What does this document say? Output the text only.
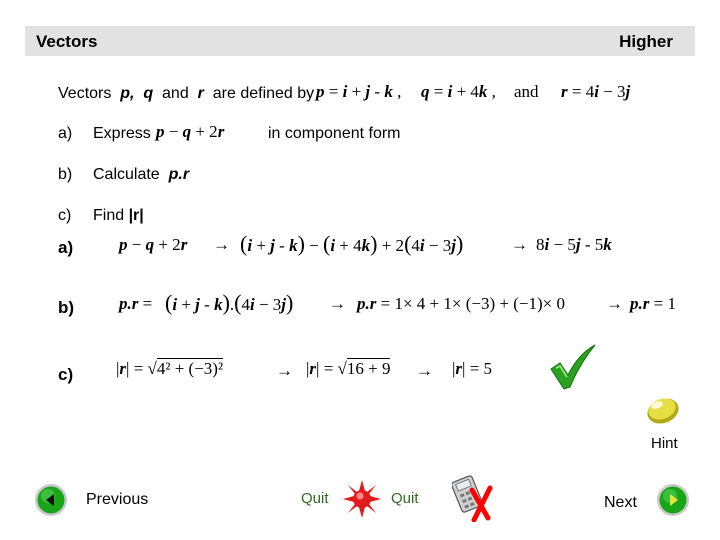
Vectors	Higher
Vectors p, q and r are defined by p = i + j - k , q = i + 4k , and r = 4i − 3j
a) Express p − q + 2r	in component form
b) Calculate p.r
c) Find |r|
a)	p − q + 2r → (i + j - k) − (i + 4k) + 2(4i − 3j)	→ 8i − 5j - 5k
b)	p.r = (i + j - k).(4i − 3j) → p.r = 1× 4 + 1× (−3) + (−1)× 0 → p.r = 1
c)	|r| = √4² + (−3)²	→ |r| = √16 + 9 → |r| = 5
Hint
Previous	Quit	Quit	Next
